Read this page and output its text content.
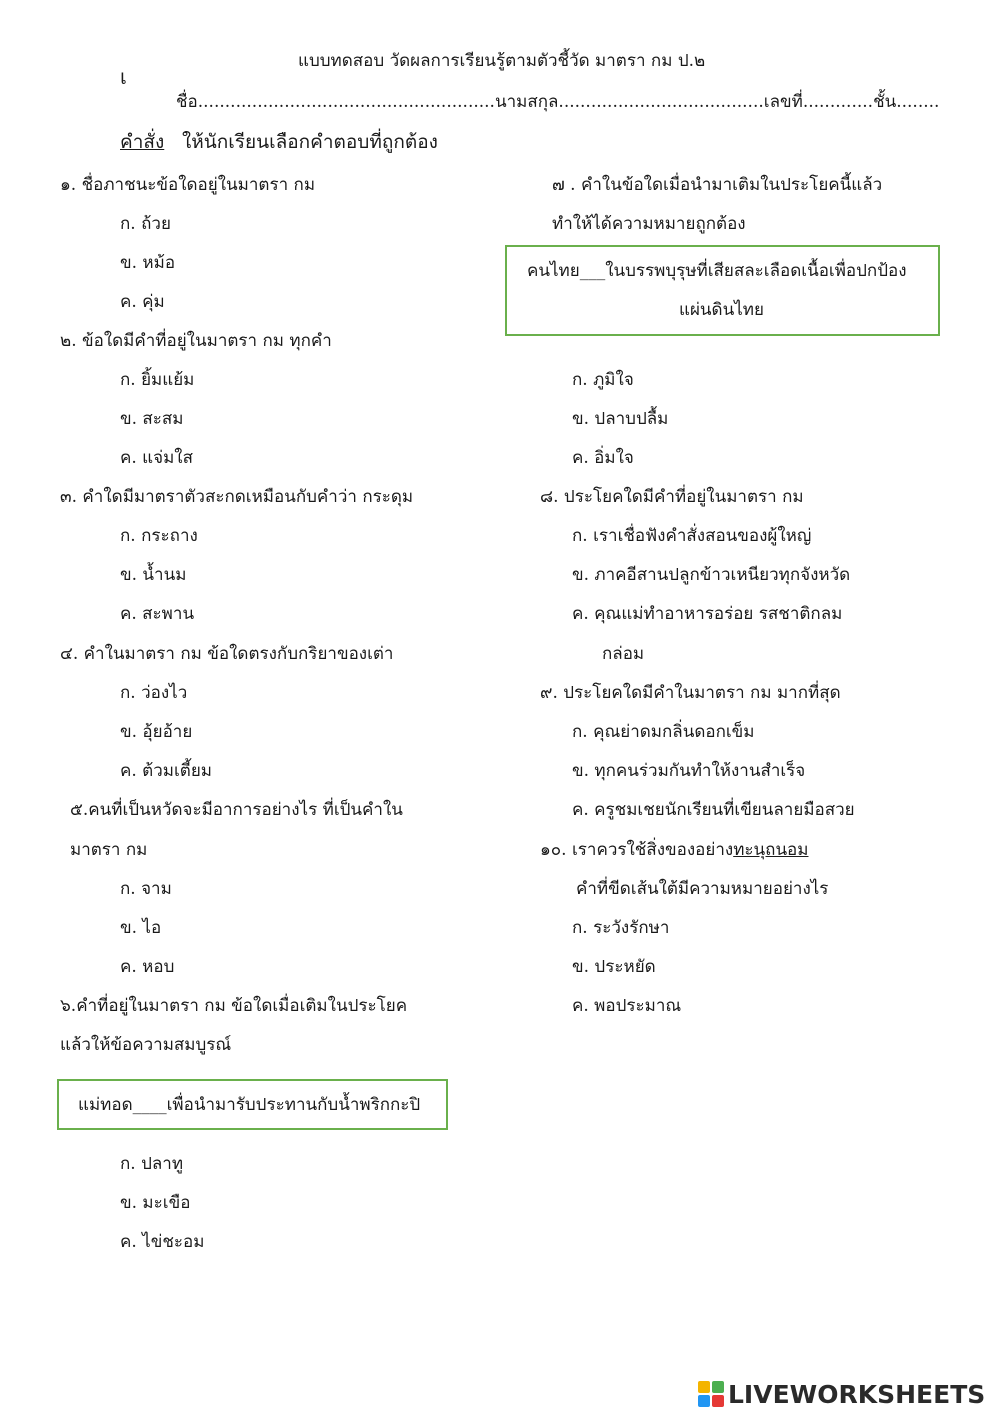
แบบทดสอบ วัดผลการเรียนรู้ตามตัวชี้วัด มาตรา กม ป.๒
เ
ชื่อ.......................................................นามสกุล......................................เลขที่.............ชั้น........
คำสั่ง ให้นักเรียนเลือกคำตอบที่ถูกต้อง
๑. ชื่อภาชนะข้อใดอยู่ในมาตรา กม
ก. ถ้วย
ข. หม้อ
ค. คุ่ม
๒. ข้อใดมีคำที่อยู่ในมาตรา กม ทุกคำ
ก. ยิ้มแย้ม
ข. สะสม
ค. แจ่มใส
๓. คำใดมีมาตราตัวสะกดเหมือนกับคำว่า กระดุม
ก. กระถาง
ข. น้ำนม
ค. สะพาน
๔. คำในมาตรา กม ข้อใดตรงกับกริยาของเต่า
ก. ว่องไว
ข. อุ้ยอ้าย
ค. ต้วมเตี้ยม
๕.คนที่เป็นหวัดจะมีอาการอย่างไร ที่เป็นคำใน
มาตรา กม
ก. จาม
ข. ไอ
ค. หอบ
๖.คำที่อยู่ในมาตรา กม ข้อใดเมื่อเติมในประโยค
แล้วให้ข้อความสมบูรณ์
แม่ทอด____เพื่อนำมารับประทานกับน้ำพริกกะปิ
ก. ปลาทู
ข. มะเขือ
ค. ไข่ชะอม
๗ . คำในข้อใดเมื่อนำมาเติมในประโยคนี้แล้ว
ทำให้ได้ความหมายถูกต้อง
คนไทย___ในบรรพบุรุษที่เสียสละเลือดเนื้อเพื่อปกป้อง
แผ่นดินไทย
ก. ภูมิใจ
ข. ปลาบปลื้ม
ค. อิ่มใจ
๘. ประโยคใดมีคำที่อยู่ในมาตรา กม
ก. เราเชื่อฟังคำสั่งสอนของผู้ใหญ่
ข. ภาคอีสานปลูกข้าวเหนียวทุกจังหวัด
ค. คุณแม่ทำอาหารอร่อย รสชาติกลม
กล่อม
๙. ประโยคใดมีคำในมาตรา กม มากที่สุด
ก. คุณย่าดมกลิ่นดอกเข็ม
ข. ทุกคนร่วมกันทำให้งานสำเร็จ
ค. ครูชมเชยนักเรียนที่เขียนลายมือสวย
๑๐. เราควรใช้สิ่งของอย่างทะนุถนอม
คำที่ขีดเส้นใต้มีความหมายอย่างไร
ก. ระวังรักษา
ข. ประหยัด
ค. พอประมาณ
LIVEWORKSHEETS
